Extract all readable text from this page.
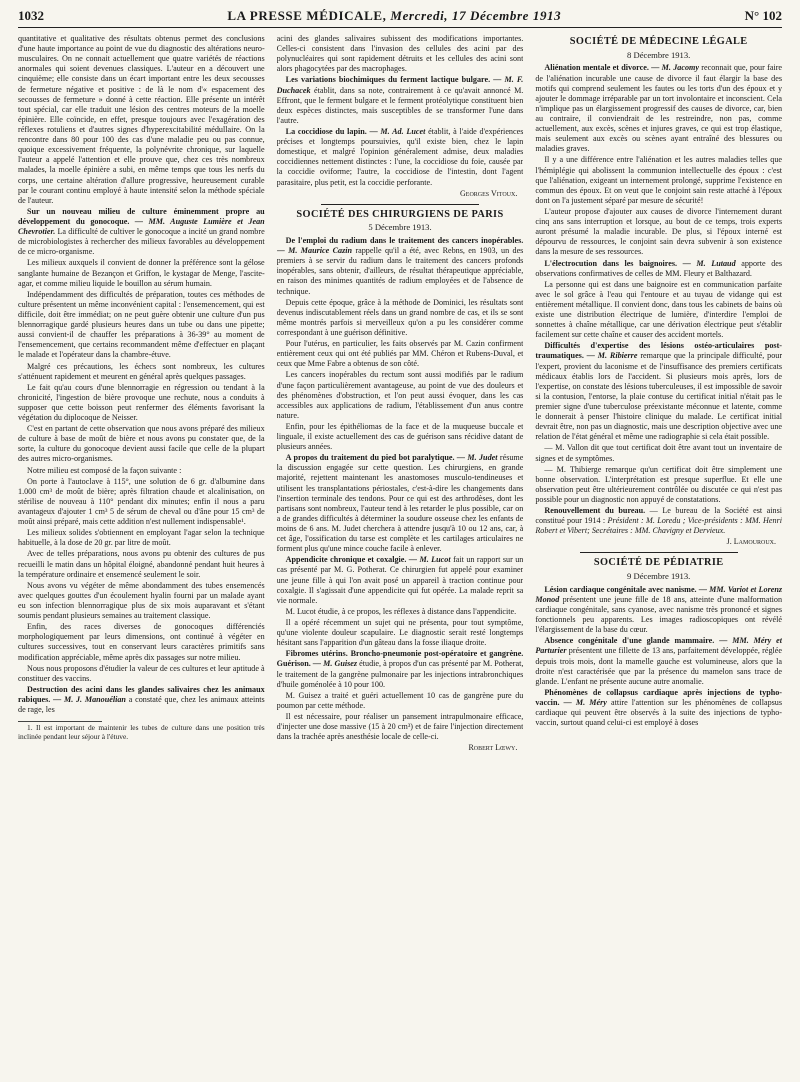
1032	LA PRESSE MÉDICALE, Mercredi, 17 Décembre 1913	N° 102

quantitative et qualitative des résultats obtenus permet des conclusions d'une haute importance au point de vue du diagnostic des altérations neuro-musculaires. On ne connait actuellement que quatre variétés de réactions anormales qui soient devenues classiques. L'auteur en a découvert une cinquième; elle consiste dans un écart important entre les deux secousses de fermeture négative et positive : de là le nom d'« espacement des secousses de fermeture » donné à cette réaction. Elle présente un intérêt tout spécial, car elle traduit une lésion des centres moteurs de la moelle épinière. Elle coïncide, en effet, presque toujours avec l'exagération des réflexes rotuliens et d'autres signes d'hyperexcitabilité médullaire. On la rencontre dans 80 pour 100 des cas d'une maladie peu ou pas connue, quoique excessivement fréquente, la polynévrite chronique, sur laquelle l'auteur a appelé l'attention et elle prouve que, chez ces très nombreux malades, la moelle épinière a subi, en même temps que tous les nerfs du corps, une certaine altération d'allure progressive, heureusement curable par le courant continu employé à haute intensité selon la méthode spéciale de l'auteur.

Sur un nouveau milieu de culture éminemment propre au développement du gonocoque. — MM. Auguste Lumière et Jean Chevrotier. La difficulté de cultiver le gonocoque a incité un grand nombre de microbiologistes à rechercher des milieux favorables au développement de ce micro-organisme.

Les milieux auxquels il convient de donner la préférence sont la gélose sanglante humaine de Bezançon et Griffon, le kystagar de Menge, l'ascite-agar, et comme milieu liquide le bouillon au sérum humain.

Indépendamment des difficultés de préparation, toutes ces méthodes de culture présentent un même inconvénient capital : l'ensemencement, qui est difficile, doit être immédiat; on ne peut guère obtenir une culture d'un pus blennorragique gardé plusieurs heures dans un tube ou dans une pipette; aussi convient-il de chauffer les préparations à 36-39° au moment de l'ensemencement, que certains recommandent même d'effectuer en plaçant le malade et l'opérateur dans la chambre-étuve.

Malgré ces précautions, les échecs sont nombreux, les cultures s'atténuent rapidement et meurent en général après quelques passages.

Le fait qu'au cours d'une blennorragie en régression ou tendant à la chronicité, l'ingestion de bière provoque une rechute, nous a conduits à supposer que cette boisson peut renfermer des éléments favorisant la végétation du diplocoque de Neisser.

C'est en partant de cette observation que nous avons préparé des milieux de culture à base de moût de bière et nous avons pu constater que, de la sorte, la culture du gonocoque devient aussi facile que celle de la plupart des autres micro-organismes.

Notre milieu est composé de la façon suivante :

On porte à l'autoclave à 115°, une solution de 6 gr. d'albumine dans 1.000 cm³ de moût de bière; après filtration chaude et alcalinisation, on stérilise de nouveau à 110° pendant dix minutes; enfin il nous a paru avantageux d'ajouter 1 cm³ 5 de sérum de cheval ou d'âne pour 15 cm³ de moût ainsi préparé, mais cette addition n'est nullement indispensable¹.

Les milieux solides s'obtiennent en employant l'agar selon la technique habituelle, à la dose de 20 gr. par litre de moût.

Avec de telles préparations, nous avons pu obtenir des cultures de pus recueilli le matin dans un hôpital éloigné, abandonné pendant huit heures à la température ordinaire et ensemencé seulement le soir.

Nous avons vu végéter de même abondamment des tubes ensemencés avec quelques gouttes d'un écoulement hyalin fourni par un malade ayant eu son infection blennorragique plus de six mois auparavant et s'étant soumis pendant plusieurs semaines au traitement classique.

Enfin, des races diverses de gonocoques différenciés morphologiquement par leurs dimensions, ont continué à végéter en cultures successives, tout en conservant leurs caractères primitifs sans modification appréciable, même après dix passages sur notre milieu.

Nous nous proposons d'étudier la valeur de ces cultures et leur aptitude à constituer des vaccins.

Destruction des acini dans les glandes salivaires chez les animaux rabiques. — M. J. Manouélian a constaté que, chez les animaux atteints de rage, les

1. Il est important de maintenir les tubes de culture dans une position très inclinée pendant leur séjour à l'étuve.

acini des glandes salivaires subissent des modifications importantes. Celles-ci consistent dans l'invasion des cellules des acini par des polynucléaires qui sont rapidement détruits et les cellules des acini sont alors phagocytées par des macrophages.

Les variations biochimiques du ferment lactique bulgare. — M. F. Duchacek établit, dans sa note, contrairement à ce qu'avait annoncé M. Effront, que le ferment bulgare et le ferment protéolytique constituent bien deux espèces distinctes, mais susceptibles de se transformer l'une dans l'autre.

La coccidiose du lapin. — M. Ad. Lucet établit, à l'aide d'expériences précises et longtemps poursuivies, qu'il existe bien, chez le lapin domestique, et malgré l'opinion généralement admise, deux maladies coccidiennes nettement distinctes : l'une, la coccidiose du foie, causée par la coccidie oviforme; l'autre, la coccidiose de l'intestin, dont l'agent parasitaire, plus petit, est la coccidie perforante.

Georges Vitoux.
SOCIÉTÉ DES CHIRURGIENS DE PARIS
5 Décembre 1913.

De l'emploi du radium dans le traitement des cancers inopérables. — M. Maurice Cazin rappelle qu'il a été, avec Rebns, en 1903, un des premiers à se servir du radium dans le traitement des cancers profonds inopérables, sans obtenir, d'ailleurs, de résultat thérapeutique appréciable, en raison des minimes quantités de radium employées et de l'absence de technique.

Depuis cette époque, grâce à la méthode de Dominici, les résultats sont devenus indiscutablement réels dans un grand nombre de cas, et ils se sont même montrés parfois si merveilleux qu'on a pu les considérer comme correspondant à une guérison définitive.

Pour l'utérus, en particulier, les faits observés par M. Cazin confirment entièrement ceux qui ont été publiés par MM. Chéron et Rubens-Duval, et ceux que Mme Fabre a obtenus de son côté.

Les cancers inopérables du rectum sont aussi modifiés par le radium d'une façon particulièrement avantageuse, au point de vue des douleurs et des phénomènes d'obstruction, et l'on peut aussi évoquer, dans les cas accessibles aux applications de radium, l'établissement d'un anus contre nature.

Enfin, pour les épithéliomas de la face et de la muqueuse buccale et linguale, il existe actuellement des cas de guérison sans récidive datant de plusieurs années.

A propos du traitement du pied bot paralytique. — M. Judet résume la discussion engagée sur cette question. Les chirurgiens, en grande majorité, rejettent maintenant les anastomoses musculo-tendineuses et utilisent les transplantations périostales, c'est-à-dire les changements dans l'insertion terminale des tendons. Pour ce qui est des arthrodèses, dont les partisans sont nombreux, l'auteur tend à les retarder le plus possible, car on a de grandes difficultés à déterminer la soudure osseuse chez les enfants de moins de 6 ans. M. Judet cherchera à attendre jusqu'à 10 ou 12 ans, car, à cet âge, l'ossification du tarse est complète et les cartilages articulaires ne forment plus qu'une mince couche facile à enlever.

Appendicite chronique et coxalgie. — M. Lucot fait un rapport sur un cas présenté par M. G. Potherat. Ce chirurgien fut appelé pour examiner une jeune fille à qui l'on avait posé un appareil à traction continue pour coxalgie. Il s'agissait d'une appendicite qui fut opérée. La malade reprit sa vie normale.

M. Lucot étudie, à ce propos, les réflexes à distance dans l'appendicite.

Il a opéré récemment un sujet qui ne présenta, pour tout symptôme, qu'une violente douleur scapulaire. Le diagnostic serait resté longtemps hésitant sans l'apparition d'un gâteau dans la fosse iliaque droite.

Fibromes utérins. Broncho-pneumonie post-opératoire et gangrène. Guérison. — M. Guisez étudie, à propos d'un cas présenté par M. Potherat, le traitement de la gangrène pulmonaire par les injections intrabronchiques d'huile goménolée à 10 pour 100.

M. Guisez a traité et guéri actuellement 10 cas de gangrène pure du poumon par cette méthode.

Il est nécessaire, pour réaliser un pansement intrapulmonaire efficace, d'injecter une dose massive (15 à 20 cm³) et de faire l'injection directement dans la trachée après anesthésie locale de celle-ci.

Robert Lœwy.
SOCIÉTÉ DE MÉDECINE LÉGALE
8 Décembre 1913.

Aliénation mentale et divorce. — M. Jacomy reconnait que, pour faire de l'aliénation incurable une cause de divorce il faut élargir la base des motifs qui comprend seulement les fautes ou les torts d'un des époux et y ajouter le dommage irréparable par un tort involontaire et inconscient. Cela n'implique pas un élargissement progressif des causes de divorce, car, bien au contraire, il conviendrait de les restreindre, non pas, comme actuellement, aux excès, scènes et injures graves, ce qui est trop élastique, mais seulement aux excès ou scènes ayant entraîné des blessures ou maladies graves.

Il y a une différence entre l'aliénation et les autres maladies telles que l'hémiplégie qui abolissent la communion intellectuelle des époux : c'est que l'aliénation, exigeant un internement prolongé, supprime l'existence en commun des époux. Et on veut que le conjoint sain reste attaché à l'époux dont on l'a justement séparé par mesure de sécurité!

L'auteur propose d'ajouter aux causes de divorce l'internement durant cinq ans sans interruption et lorsque, au bout de ce temps, trois experts auront présumé la maladie incurable. De plus, si l'époux interné est dépourvu de ressources, le conjoint sain devra subvenir à son existence dans la mesure de ses ressources.

L'électrocution dans les baignoires. — M. Lutaud apporte des observations confirmatives de celles de MM. Fleury et Balthazard.

La personne qui est dans une baignoire est en communication parfaite avec le sol grâce à l'eau qui l'entoure et au tuyau de vidange qui est entièrement métallique. Il convient donc, dans tous les cabinets de bains où existe une distribution électrique de lumière, d'interdire l'emploi de sonnettes à chaîne métallique, car une dérivation électrique peut s'établir facilement sur cette chaîne et causer des accident mortels.

Difficultés d'expertise des lésions ostéo-articulaires post-traumatiques. — M. Ribierre remarque que la principale difficulté, pour l'expert, provient du laconisme et de l'insuffisance des premiers certificats médicaux établis lors de l'accident. Si plusieurs mois après, lors de l'expertise, on constate des lésions tuberculeuses, il est impossible de savoir si la contusion, l'entorse, la plaie contuse du certificat initial n'était pas le premier signe d'une tuberculose préexistante méconnue et latente, comme le donnerait à penser l'histoire clinique du malade. Le certificat initial devrait être, non pas un diagnostic, mais une description objective avec une relation de l'état général et même une radiographie si cela était possible.

— M. Vallon dit que tout certificat doit être avant tout un inventaire de signes et de symptômes.

— M. Thibierge remarque qu'un certificat doit être simplement une bonne observation. L'interprétation est presque superflue. Et elle une observation peut être ultérieurement contrôlée ou discutée ce qui n'est pas possible pour un diagnostic non appuyé de constatations.

Renouvellement du bureau. — Le bureau de la Société est ainsi constitué pour 1914 : Président : M. Loredu ; Vice-présidents : MM. Henri Robert et Vibert; Secrétaires : MM. Chavigny et Dervieux.

J. Lamouroux.
SOCIÉTÉ DE PÉDIATRIE
9 Décembre 1913.

Lésion cardiaque congénitale avec nanisme. — MM. Variot et Lorenz Monod présentent une jeune fille de 18 ans, atteinte d'une malformation cardiaque congénitale, sans cyanose, avec nanisme très prononcé et signes fonctionnels peu apparents. Les images radioscopiques ont révélé l'élargissement de la base du cœur.

Absence congénitale d'une glande mammaire. — MM. Méry et Parturier présentent une fillette de 13 ans, parfaitement développée, réglée depuis trois mois, dont la mamelle gauche est volumineuse, alors que la droite n'est caractérisée que par la présence du mamelon sans trace de glande. L'enfant ne présente aucune autre anomalie.

Phénomènes de collapsus cardiaque après injections de typho-vaccin. — M. Méry attire l'attention sur les phénomènes de collapsus cardiaque qui peuvent être observés à la suite des injections de typho-vaccin, surtout quand celui-ci est employé à doses
